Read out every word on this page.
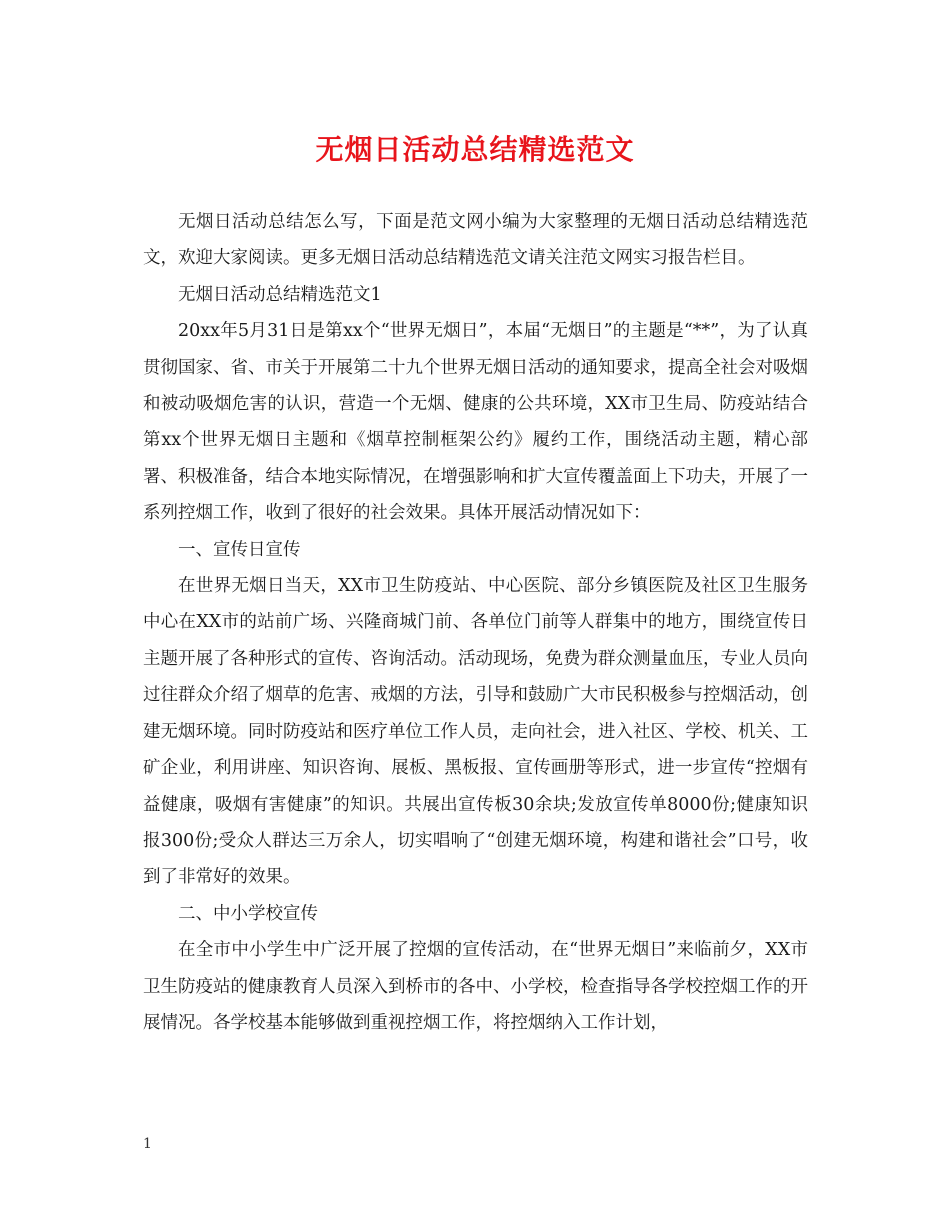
无烟日活动总结精选范文

无烟日活动总结怎么写，下面是范文网小编为大家整理的无烟日活动总结精选范文，欢迎大家阅读。更多无烟日活动总结精选范文请关注范文网实习报告栏目。

无烟日活动总结精选范文1

20xx年5月31日是第xx个“世界无烟日”，本届“无烟日”的主题是“**”，为了认真贯彻国家、省、市关于开展第二十九个世界无烟日活动的通知要求，提高全社会对吸烟和被动吸烟危害的认识，营造一个无烟、健康的公共环境，XX市卫生局、防疫站结合第xx个世界无烟日主题和《烟草控制框架公约》履约工作，围绕活动主题，精心部署、积极准备，结合本地实际情况，在增强影响和扩大宣传覆盖面上下功夫，开展了一系列控烟工作，收到了很好的社会效果。具体开展活动情况如下：

一、宣传日宣传

在世界无烟日当天，XX市卫生防疫站、中心医院、部分乡镇医院及社区卫生服务中心在XX市的站前广场、兴隆商城门前、各单位门前等人群集中的地方，围绕宣传日主题开展了各种形式的宣传、咨询活动。活动现场，免费为群众测量血压，专业人员向过往群众介绍了烟草的危害、戒烟的方法，引导和鼓励广大市民积极参与控烟活动，创建无烟环境。同时防疫站和医疗单位工作人员，走向社会，进入社区、学校、机关、工矿企业，利用讲座、知识咨询、展板、黑板报、宣传画册等形式，进一步宣传“控烟有益健康，吸烟有害健康”的知识。共展出宣传板30余块;发放宣传单8000份;健康知识报300份;受众人群达三万余人，切实唱响了“创建无烟环境，构建和谐社会”口号，收到了非常好的效果。

二、中小学校宣传

在全市中小学生中广泛开展了控烟的宣传活动，在“世界无烟日”来临前夕，XX市卫生防疫站的健康教育人员深入到桥市的各中、小学校，检查指导各学校控烟工作的开展情况。各学校基本能够做到重视控烟工作，将控烟纳入工作计划，

1
